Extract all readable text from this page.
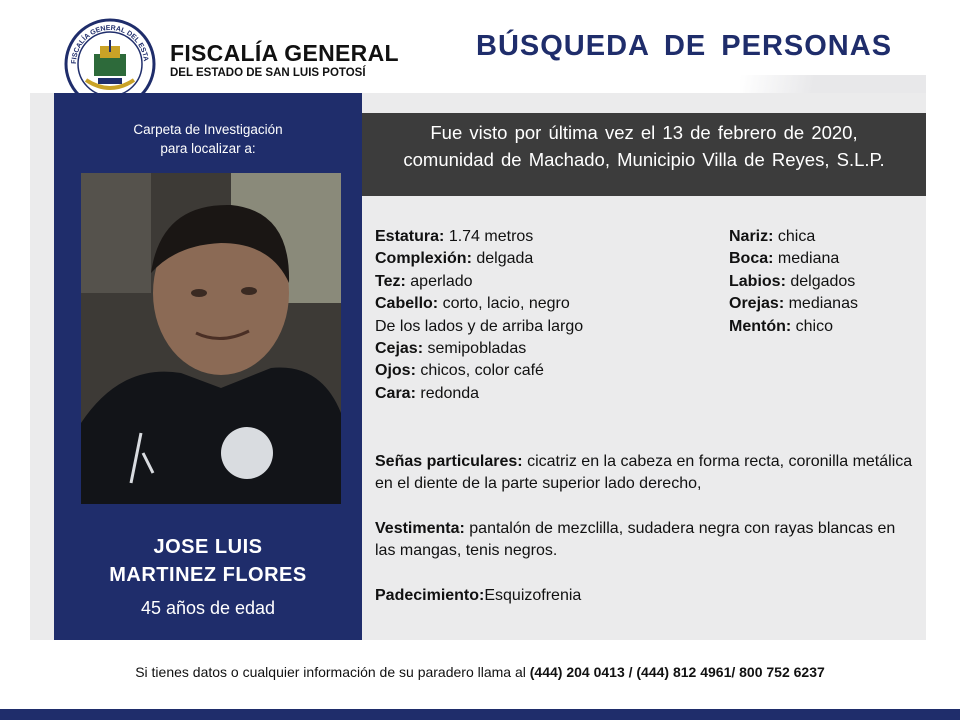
FISCALÍA GENERAL DEL ESTA FISCALÍA GENERAL
DEL ESTADO DE SAN LUIS POTOSÍ
BÚSQUEDA DE PERSONAS
Carpeta de Investigación
para localizar a:
JOSE LUIS
MARTINEZ FLORES
45 años de edad
Fue visto por última vez el 13 de febrero de 2020,
comunidad de Machado, Municipio Villa de Reyes, S.L.P.
Estatura: 1.74 metros
Complexión: delgada
Tez: aperlado
Cabello: corto, lacio, negro
De los lados y de arriba largo
Cejas: semipobladas
Ojos: chicos, color café
Cara: redonda
Nariz: chica
Boca: mediana
Labios: delgados
Orejas: medianas
Mentón: chico
Señas particulares: cicatriz en la cabeza en forma recta, coronilla metálica en el diente de la parte superior lado derecho,
Vestimenta: pantalón de mezclilla, sudadera negra con rayas blancas en las mangas, tenis negros.
Padecimiento:Esquizofrenia
Si tienes datos o cualquier información de su paradero llama al (444) 204 0413 / (444) 812 4961/ 800 752 6237
